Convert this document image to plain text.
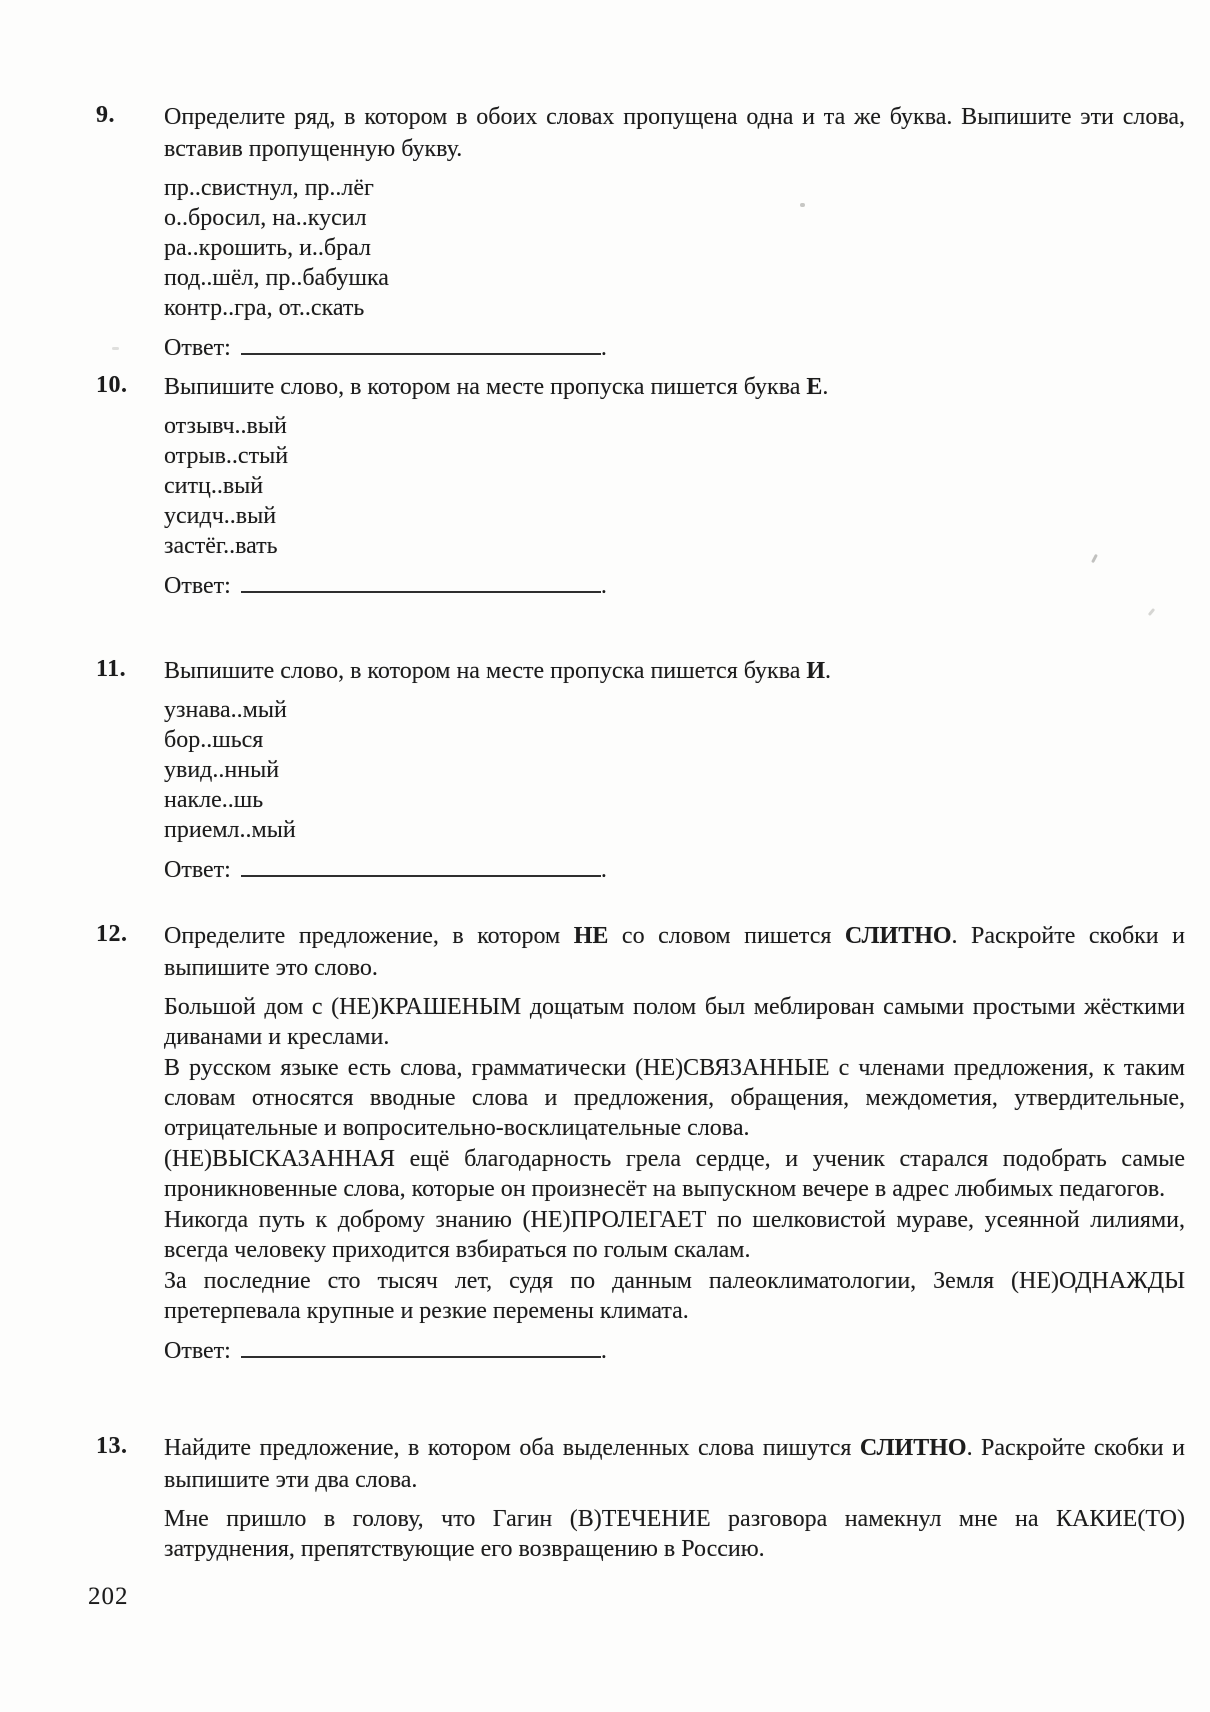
9. Определите ряд, в котором в обоих словах пропущена одна и та же буква. Выпишите эти слова, вставив пропущенную букву.
пр..свистнул, пр..лёг
о..бросил, на..кусил
ра..крошить, и..брал
под..шёл, пр..бабушка
контр..гра, от..скать
Ответ:	.
10. Выпишите слово, в котором на месте пропуска пишется буква Е.
отзывч..вый
отрыв..стый
ситц..вый
усидч..вый
застёг..вать
Ответ:	.
11. Выпишите слово, в котором на месте пропуска пишется буква И.
узнава..мый
бор..шься
увид..нный
накле..шь
приемл..мый
Ответ:	.
12. Определите предложение, в котором НЕ со словом пишется СЛИТНО. Раскройте скобки и выпишите это слово.

Большой дом с (НЕ)КРАШЕНЫМ дощатым полом был меблирован самыми простыми жёсткими диванами и креслами.

В русском языке есть слова, грамматически (НЕ)СВЯЗАННЫЕ с членами предложения, к таким словам относятся вводные слова и предложения, обращения, междометия, утвердительные, отрицательные и вопросительно-восклицательные слова.

(НЕ)ВЫСКАЗАННАЯ ещё благодарность грела сердце, и ученик старался подобрать самые проникновенные слова, которые он произнесёт на выпускном вечере в адрес любимых педагогов.

Никогда путь к доброму знанию (НЕ)ПРОЛЕГАЕТ по шелковистой мураве, усеянной лилиями, всегда человеку приходится взбираться по голым скалам.

За последние сто тысяч лет, судя по данным палеоклиматологии, Земля (НЕ)ОДНАЖДЫ претерпевала крупные и резкие перемены климата.

Ответ:	.
13. Найдите предложение, в котором оба выделенных слова пишутся СЛИТНО. Раскройте скобки и выпишите эти два слова.

Мне пришло в голову, что Гагин (В)ТЕЧЕНИЕ разговора намекнул мне на КАКИЕ(ТО) затруднения, препятствующие его возвращению в Россию.

202
